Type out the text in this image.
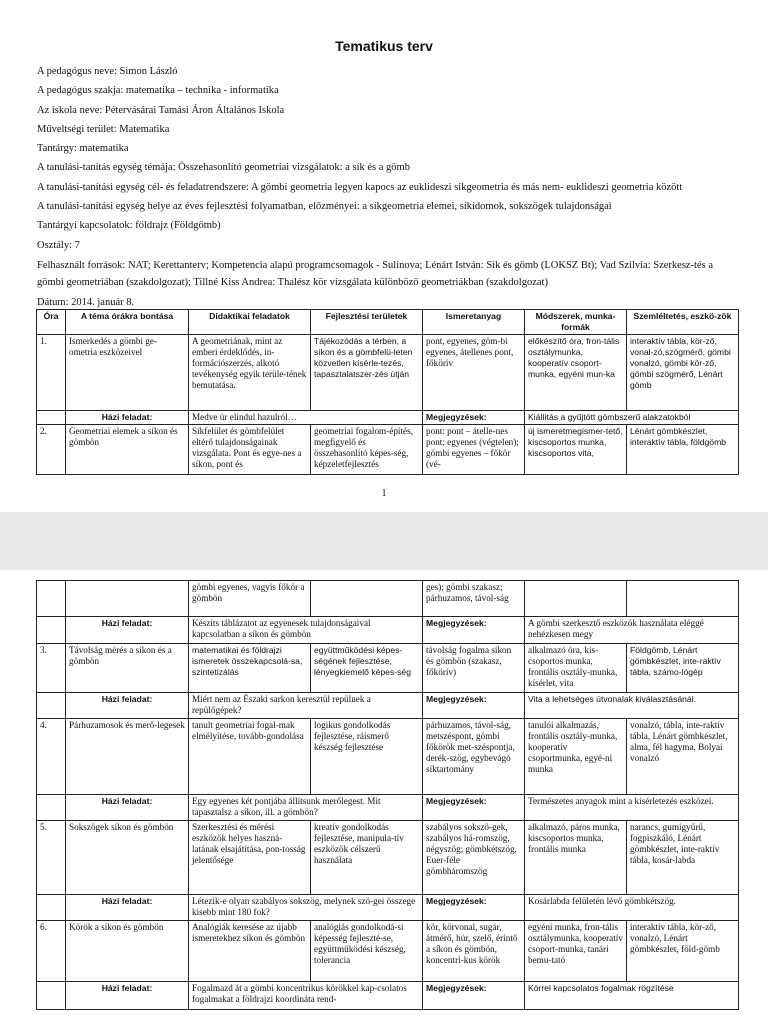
Tematikus terv
A pedagógus neve: Simon László
A pedagógus szakja: matematika – technika - informatika
Az iskola neve: Pétervásárai Tamási Áron Általános Iskola
Műveltségi terület: Matematika
Tantárgy: matematika
A tanulási-tanítás egység témája: Összehasonlító geometriai vizsgálatok: a sík és a gömb
A tanulási-tanítási egység cél- és feladatrendszere: A gömbi geometria legyen kapocs az euklideszi síkgeometria és más nem- euklideszi geometria között
A tanulási-tanítási egység helye az éves fejlesztési folyamatban, előzményei: a síkgeometria elemei, síkidomok, sokszögek tulajdonságai
Tantárgyi kapcsolatok: földrajz (Földgömb)
Osztály: 7
Felhasznált források: NAT; Kerettanterv; Kompetencia alapú programcsomagok - Sulinova; Lénárt István: Sík és gömb (LOKSZ Bt); Vad Szilvia: Szerkesz-tés a gömbi geometriában (szakdolgozat); Tillné Kiss Andrea: Thalész kör vizsgálata különböző geometriákban (szakdolgozat)
Dátum: 2014. január 8.
Óra	A téma órákra bontása	Didaktikai feladatok	Fejlesztési területek	Ismeretanyag	Módszerek, munka-formák	Szemléltetés, eszkö-zök
1.	Ismerkedés a gömbi ge-ometria eszközeivel	A geometriának, mint az emberi érdeklődés, in-formációszerzés, alkotó tevékenység egyik terüle-tének bemutatása.	Tájékozódás a térben, a síkon és a gömbfelü-leten közvetlen kísérle-tezés, tapasztalatszer-zés útján	pont, egyenes, göm-bi egyenes, átellenes pont, főkörív	előkészítő óra, fron-tális osztálymunka, kooperatív csoport-munka, egyéni mun-ka	interaktív tábla, kör-ző, vonal-zó,szögmérő, gömbi vonalzó, gömbi kör-ző, gömbi szögmérő, Lénárt gömb
	Házi feladat:	Medve úr elindul hazulról…		Megjegyzések:	Kiállítás a gyűjtött gömbszerű alakzatokból	
2.	Geometriai elemek a síkon és gömbön	Síkfelület és gömbfelület eltérő tulajdonságainak vizsgálata. Pont és egye-nes a síkon, pont és	geometriai fogalom-építés, megfigyelő és összehasonlító képes-ség, képzeletfejlesztés	pont: pont – átelle-nes pont; egyenes (végtelen); gömbi egyenes – főkör (vé-	új ismeretmegismer-tető, kiscsoportos munka, kiscsoportos vita,	Lénárt gömbkészlet, interaktív tábla, földgömb
1
		gömbi egyenes, vagyis főkör a gömbön		ges); gömbi szakasz; párhuzamos, távol-ság		
	Házi feladat:	Készíts táblázatot az egyenesek tulajdonságaival kapcsolatban a síkon és gömbön		Megjegyzések:	A gömbi szerkesztő eszközök használata eléggé nehézkesen megy	
3.	Távolság mérés a síkon és a gömbön	matematikai és földrajzi ismeretek összekapcsolá-sa, szintetizálás	együttműködési képes-ségének fejlesztése, lényegkiemelő képes-ség	távolság fogalma síkon és gömbön (szakasz, főkörív)	alkalmazó óra, kis-csoportos munka, frontális osztály-munka, kísérlet, vita	Földgömb, Lénárt gömbkészlet, inte-raktív tábla, számo-lógép
	Házi feladat:	Miért nem az Északi sarkon keresztül repülnek a repülőgépek?		Megjegyzések:	Vita a lehetséges útvonalak kiválasztásánál.	
4.	Párhuzamosok és merő-legesek	tanult geometriai fogal-mak elmélyítése, tovább-gondolása	logikus gondolkodás fejlesztése, ráismerő készség fejlesztése	párhuzamos, távol-ság, metszéspont, gömbi főkörök met-széspontja, derék-szög, egybevágó síktartomány	tanulói alkalmazás, frontális osztály-munka, kooperatív csoportmunka, egyé-ni munka	vonalzó, tábla, inte-raktív tábla, Lénárt gömbkészlet, alma, fél hagyma, Bolyai vonalzó
	Házi feladat:	Egy egyenes két pontjába állítsunk merőlegest. Mit tapasztalsz a síkon, ill. a gömbön?		Megjegyzések:	Természetes anyagok mint a kísérletezés eszközei.	
5.	Sokszögek síkon és gömbön	Szerkesztési és mérési eszközök helyes haszná-latának elsajátítása, pon-tosság jelentősége	kreatív gondolkodás fejlesztése, manipula-tív eszközök célszerű használata	szabályos sokszö-gek, szabályos há-romszög, négyszög; gömbkétszög, Euer-féle gömbháromszög	alkalmazó, páros munka, kiscsoportos munka, frontális munka	narancs, gumigyűrű, fogpiszkáló, Lénárt gömbkészlet, inte-raktív tábla, kosár-labda
	Házi feladat:	Létezik-e olyan szabályos sokszög, melynek szö-gei összege kisebb mint 180 fok?		Megjegyzések:	Kosárlabda felületén lévő gömbkétszög.	
6.	Körök a síkon és gömbön	Analógiák keresése az újabb ismeretekhez síkon és gömbön	analógiás gondolkodá-si képesség fejleszté-se, együttműködési készség, tolerancia	kör, körvonal, sugár, átmérő, húr, szelő, érintő a síkon és gömbön, koncentri-kus körök	egyéni munka, fron-tális osztálymunka, kooperatív csoport-munka, tanári bemu-tató	interaktív tábla, kör-ző, vonalzó, Lénárt gömbkészlet, föld-gömb
	Házi feladat:	Fogalmazd át a gömbi koncentrikus körökkel kap-csolatos fogalmakat a földrajzi koordináta rend-		Megjegyzések:	Körrel kapcsolatos fogalmak rögzítése	
